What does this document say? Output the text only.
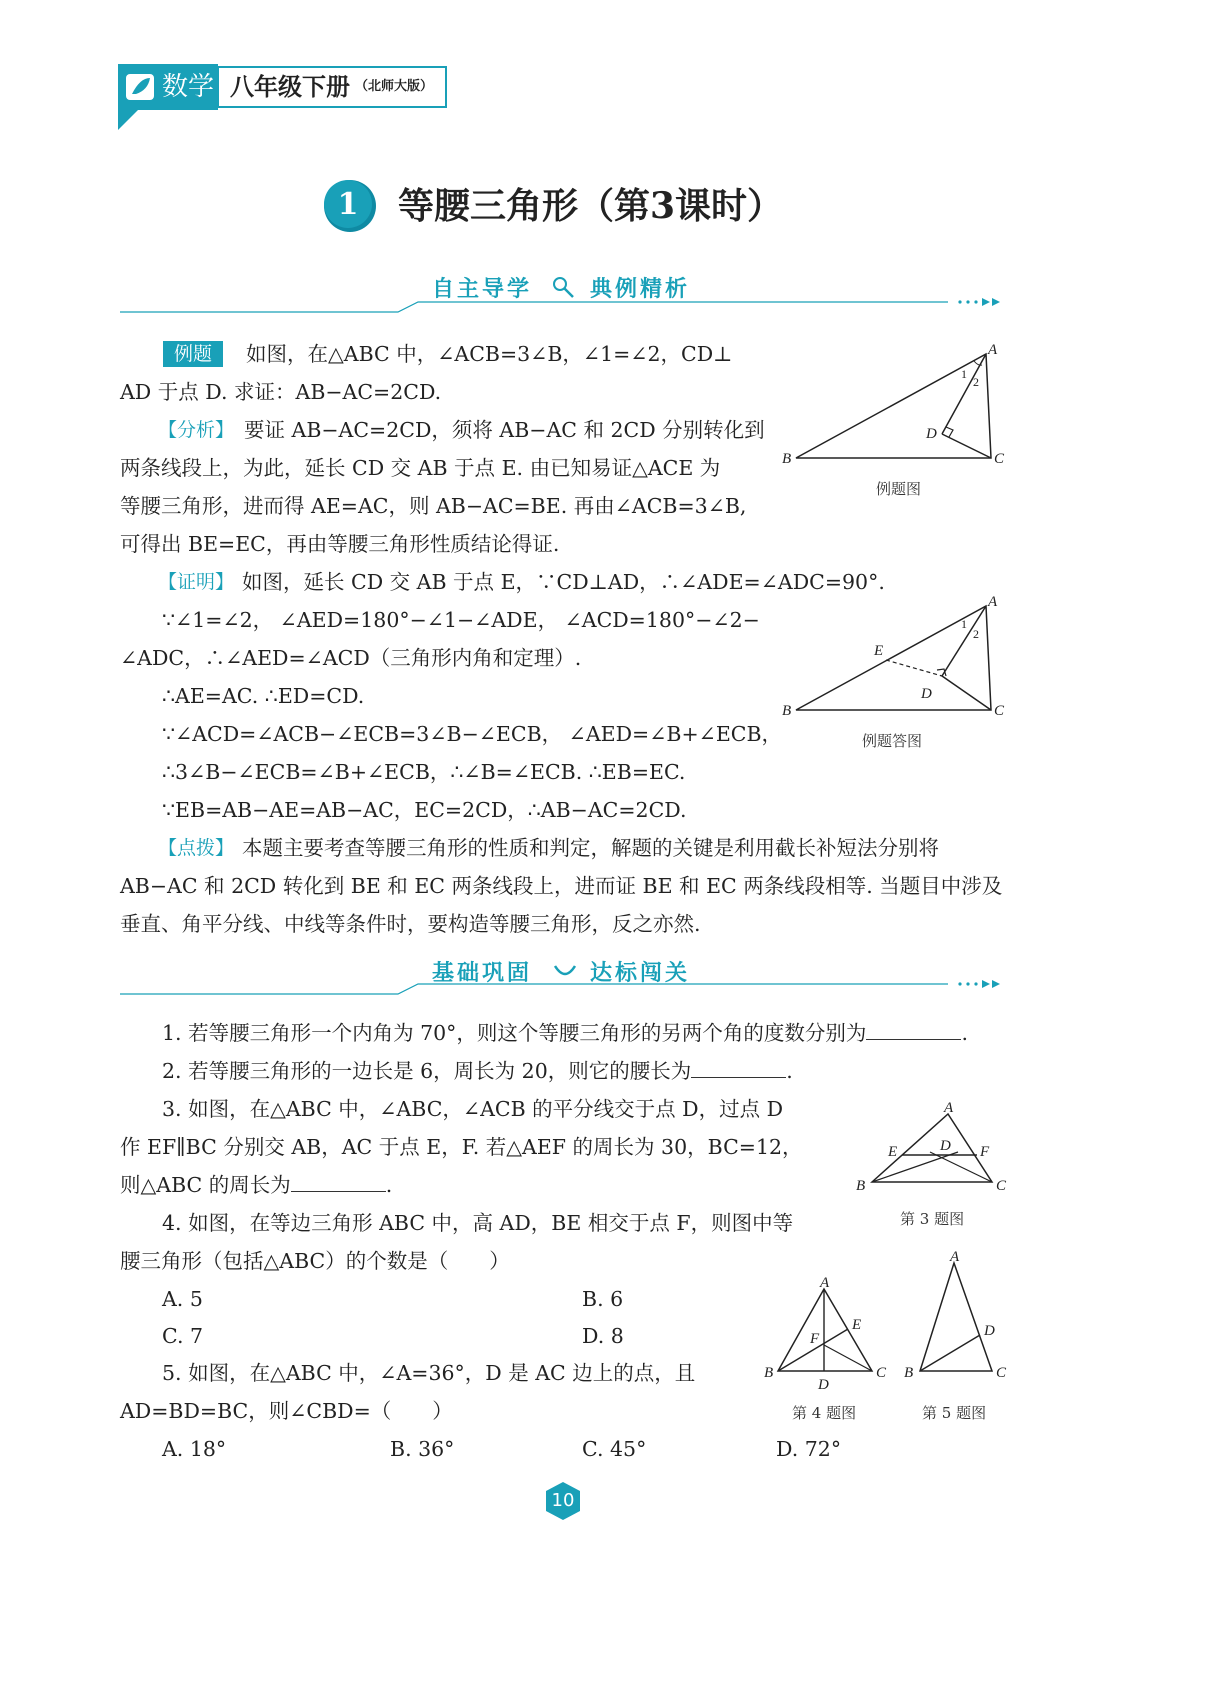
数学 八年级下册 （北师大版）
1	等腰三角形（第3课时）
自主导学	典例精析
例题	如图，在△ABC 中，∠ACB=3∠B，∠1=∠2，CD⊥
AD 于点 D. 求证：AB−AC=2CD.
【分析】 要证 AB−AC=2CD，须将 AB−AC 和 2CD 分别转化到
两条线段上，为此，延长 CD 交 AB 于点 E. 由已知易证△ACE 为
等腰三角形，进而得 AE=AC，则 AB−AC=BE. 再由∠ACB=3∠B,
可得出 BE=EC，再由等腰三角形性质结论得证.
【证明】 如图，延长 CD 交 AB 于点 E，∵CD⊥AD，∴∠ADE=∠ADC=90°.
∵∠1=∠2， ∠AED=180°−∠1−∠ADE， ∠ACD=180°−∠2−
∠ADC，∴∠AED=∠ACD（三角形内角和定理）.
∴AE=AC. ∴ED=CD.
∵∠ACD=∠ACB−∠ECB=3∠B−∠ECB， ∠AED=∠B+∠ECB，
∴3∠B−∠ECB=∠B+∠ECB，∴∠B=∠ECB. ∴EB=EC.
∵EB=AB−AE=AB−AC，EC=2CD，∴AB−AC=2CD.
【点拨】 本题主要考查等腰三角形的性质和判定，解题的关键是利用截长补短法分别将
AB−AC 和 2CD 转化到 BE 和 EC 两条线段上，进而证 BE 和 EC 两条线段相等. 当题目中涉及
垂直、角平分线、中线等条件时，要构造等腰三角形，反之亦然.
A
B	C
D
1
2
例题图
A
B	C
E
D
1
2
例题答图
基础巩固	达标闯关
1. 若等腰三角形一个内角为 70°，则这个等腰三角形的另两个角的度数分别为	.
2. 若等腰三角形的一边长是 6，周长为 20，则它的腰长为	.
3. 如图，在△ABC 中，∠ABC，∠ACB 的平分线交于点 D，过点 D
作 EF∥BC 分别交 AB，AC 于点 E，F. 若△AEF 的周长为 30，BC=12，
则△ABC 的周长为	.
4. 如图，在等边三角形 ABC 中，高 AD，BE 相交于点 F，则图中等
腰三角形（包括△ABC）的个数是（　　）
A. 5	B. 6
C. 7	D. 8
5. 如图，在△ABC 中，∠A=36°，D 是 AC 边上的点，且
AD=BD=BC，则∠CBD=（　　）
A. 18°	B. 36°	C. 45°	D. 72°
A
B	C
E	F
D
第 3 题图
A
B	C
E
F
D
第 4 题图
A
B	C
D
第 5 题图
10
